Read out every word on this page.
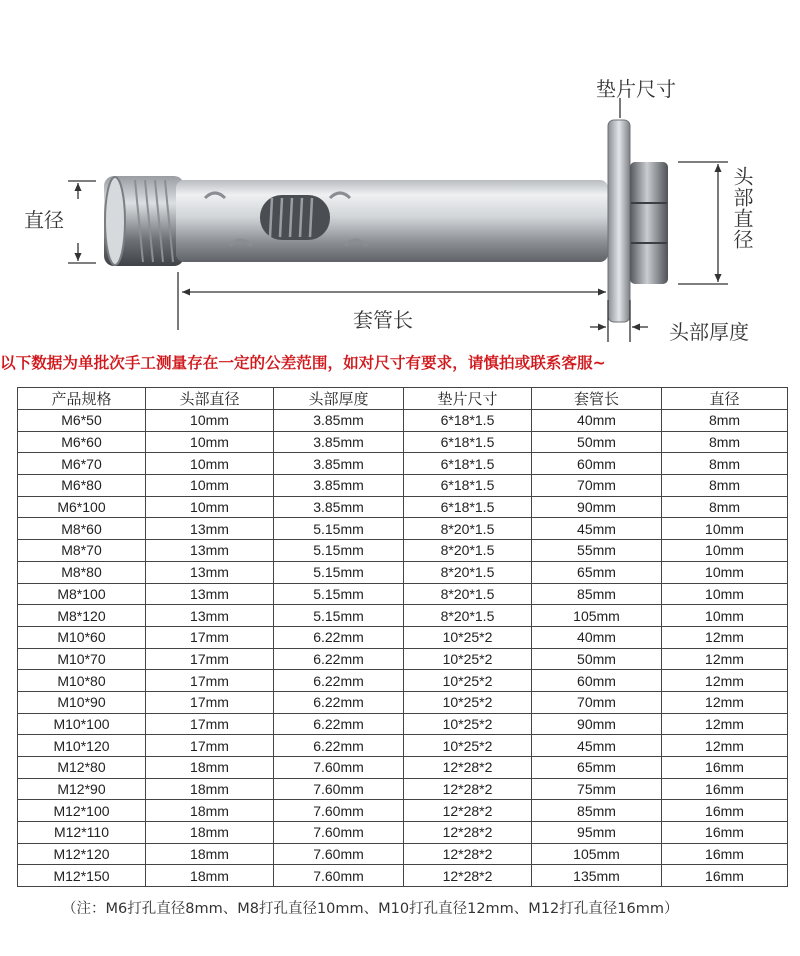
直径
垫片尺寸
头部直径
套管长	头部厚度
以下数据为单批次手工测量存在一定的公差范围，如对尺寸有要求，请慎拍或联系客服~
产品规格	头部直径	头部厚度	垫片尺寸	套管长	直径
M6*50	10mm	3.85mm	6*18*1.5	40mm	8mm
M6*60	10mm	3.85mm	6*18*1.5	50mm	8mm
M6*70	10mm	3.85mm	6*18*1.5	60mm	8mm
M6*80	10mm	3.85mm	6*18*1.5	70mm	8mm
M6*100	10mm	3.85mm	6*18*1.5	90mm	8mm
M8*60	13mm	5.15mm	8*20*1.5	45mm	10mm
M8*70	13mm	5.15mm	8*20*1.5	55mm	10mm
M8*80	13mm	5.15mm	8*20*1.5	65mm	10mm
M8*100	13mm	5.15mm	8*20*1.5	85mm	10mm
M8*120	13mm	5.15mm	8*20*1.5	105mm	10mm
M10*60	17mm	6.22mm	10*25*2	40mm	12mm
M10*70	17mm	6.22mm	10*25*2	50mm	12mm
M10*80	17mm	6.22mm	10*25*2	60mm	12mm
M10*90	17mm	6.22mm	10*25*2	70mm	12mm
M10*100	17mm	6.22mm	10*25*2	90mm	12mm
M10*120	17mm	6.22mm	10*25*2	45mm	12mm
M12*80	18mm	7.60mm	12*28*2	65mm	16mm
M12*90	18mm	7.60mm	12*28*2	75mm	16mm
M12*100	18mm	7.60mm	12*28*2	85mm	16mm
M12*110	18mm	7.60mm	12*28*2	95mm	16mm
M12*120	18mm	7.60mm	12*28*2	105mm	16mm
M12*150	18mm	7.60mm	12*28*2	135mm	16mm
（注：M6打孔直径8mm、M8打孔直径10mm、M10打孔直径12mm、M12打孔直径16mm）
